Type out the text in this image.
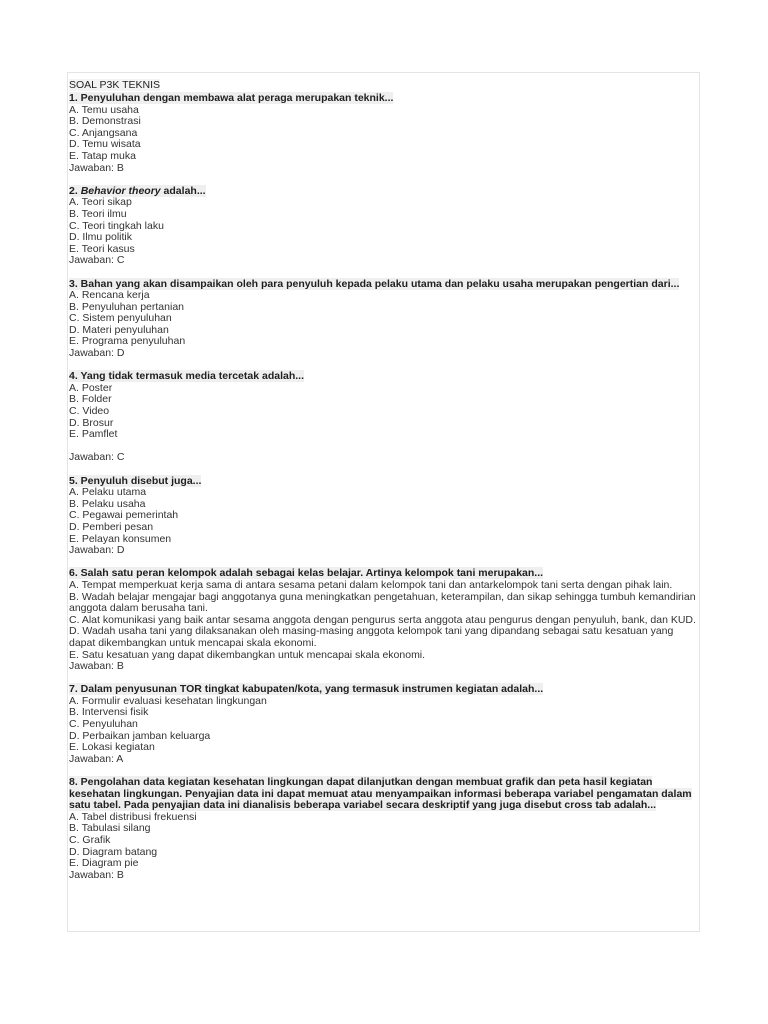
SOAL P3K TEKNIS

1. Penyuluhan dengan membawa alat peraga merupakan teknik...

A. Temu usaha

B. Demonstrasi

C. Anjangsana

D. Temu wisata

E. Tatap muka

Jawaban: B

2. Behavior theory adalah...

A. Teori sikap

B. Teori ilmu

C. Teori tingkah laku

D. Ilmu politik

E. Teori kasus

Jawaban: C

3. Bahan yang akan disampaikan oleh para penyuluh kepada pelaku utama dan pelaku usaha merupakan pengertian dari...

A. Rencana kerja

B. Penyuluhan pertanian

C. Sistem penyuluhan

D. Materi penyuluhan

E. Programa penyuluhan

Jawaban: D

4. Yang tidak termasuk media tercetak adalah...

A. Poster

B. Folder

C. Video

D. Brosur

E. Pamflet

Jawaban: C

5. Penyuluh disebut juga...

A. Pelaku utama

B. Pelaku usaha

C. Pegawai pemerintah

D. Pemberi pesan

E. Pelayan konsumen

Jawaban: D

6. Salah satu peran kelompok adalah sebagai kelas belajar. Artinya kelompok tani merupakan...

A. Tempat memperkuat kerja sama di antara sesama petani dalam kelompok tani dan antarkelompok tani serta dengan pihak lain.

B. Wadah belajar mengajar bagi anggotanya guna meningkatkan pengetahuan, keterampilan, dan sikap sehingga tumbuh kemandirian anggota dalam berusaha tani.

C. Alat komunikasi yang baik antar sesama anggota dengan pengurus serta anggota atau pengurus dengan penyuluh, bank, dan KUD.

D. Wadah usaha tani yang dilaksanakan oleh masing-masing anggota kelompok tani yang dipandang sebagai satu kesatuan yang dapat dikembangkan untuk mencapai skala ekonomi.

E. Satu kesatuan yang dapat dikembangkan untuk mencapai skala ekonomi.

Jawaban: B

7. Dalam penyusunan TOR tingkat kabupaten/kota, yang termasuk instrumen kegiatan adalah...

A. Formulir evaluasi kesehatan lingkungan

B. Intervensi fisik

C. Penyuluhan

D. Perbaikan jamban keluarga

E. Lokasi kegiatan

Jawaban: A

8. Pengolahan data kegiatan kesehatan lingkungan dapat dilanjutkan dengan membuat grafik dan peta hasil kegiatan kesehatan lingkungan. Penyajian data ini dapat memuat atau menyampaikan informasi beberapa variabel pengamatan dalam satu tabel. Pada penyajian data ini dianalisis beberapa variabel secara deskriptif yang juga disebut cross tab adalah...

A. Tabel distribusi frekuensi

B. Tabulasi silang

C. Grafik

D. Diagram batang

E. Diagram pie

Jawaban: B
